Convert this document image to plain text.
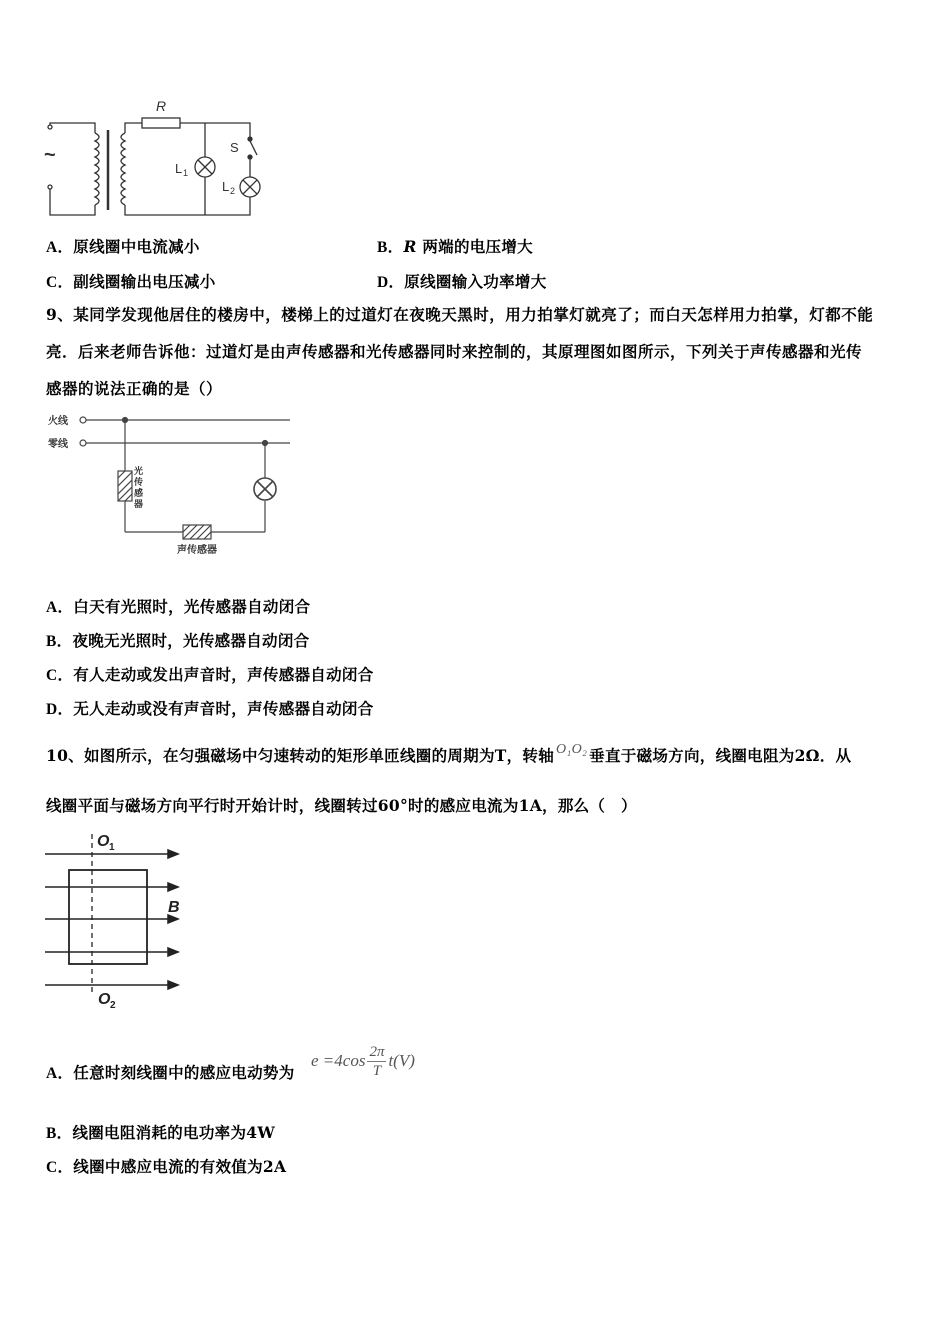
~
R
L 1
S
L 2
A．原线圈中电流减小	B．R 两端的电压增大
C．副线圈输出电压减小	D．原线圈输入功率增大
9、某同学发现他居住的楼房中，楼梯上的过道灯在夜晚天黑时，用力拍掌灯就亮了；而白天怎样用力拍掌，灯都不能
亮．后来老师告诉他：过道灯是由声传感器和光传感器同时来控制的，其原理图如图所示，下列关于声传感器和光传
感器的说法正确的是（）
火线
零线
光
传
感
器
声传感器
A．白天有光照时，光传感器自动闭合
B．夜晚无光照时，光传感器自动闭合
C．有人走动或发出声音时，声传感器自动闭合
D．无人走动或没有声音时，声传感器自动闭合
10、如图所示，在匀强磁场中匀速转动的矩形单匝线圈的周期为T，转轴 O₁O₂ 垂直于磁场方向，线圈电阻为2Ω．从
线圈平面与磁场方向平行时开始计时，线圈转过60°时的感应电流为1A，那么（　）
O 1
O 2
B
A．任意时刻线圈中的感应电动势为
e =4cos 2π
T
t(V)
B．线圈电阻消耗的电功率为4W
C．线圈中感应电流的有效值为2A
